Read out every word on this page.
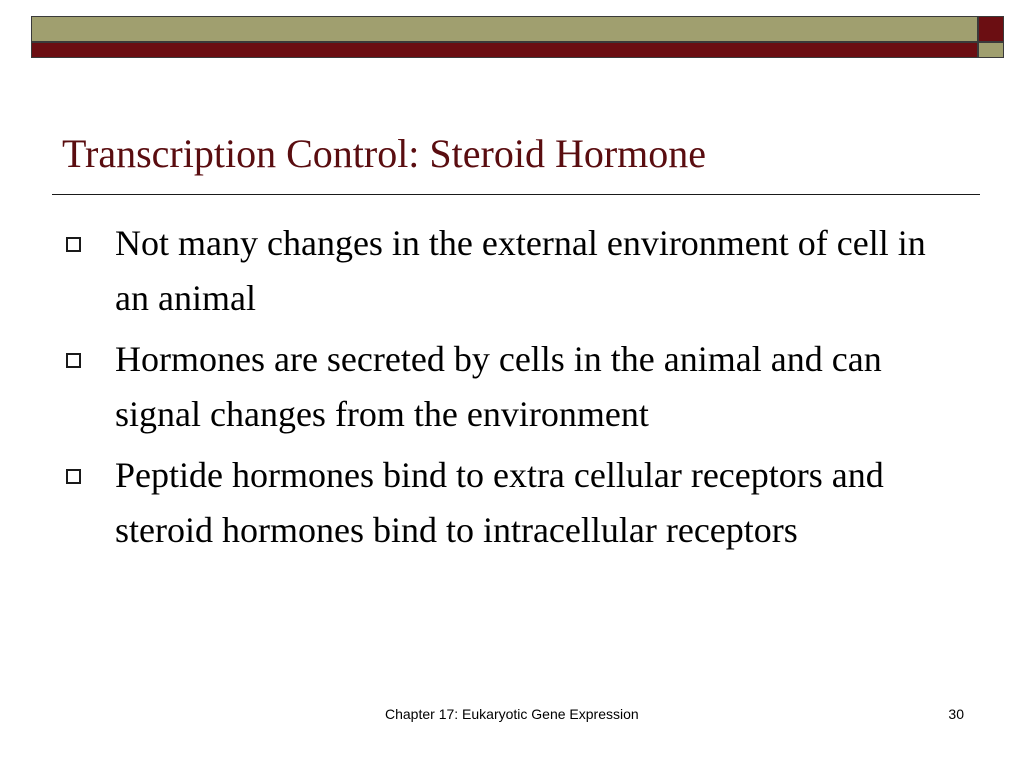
Transcription Control: Steroid Hormone
Not many changes in the external environment of cell in an animal
Hormones are secreted by cells in the animal and can signal changes from the environment
Peptide hormones bind to extra cellular receptors and steroid hormones bind to intracellular receptors
Chapter 17: Eukaryotic Gene Expression	30
